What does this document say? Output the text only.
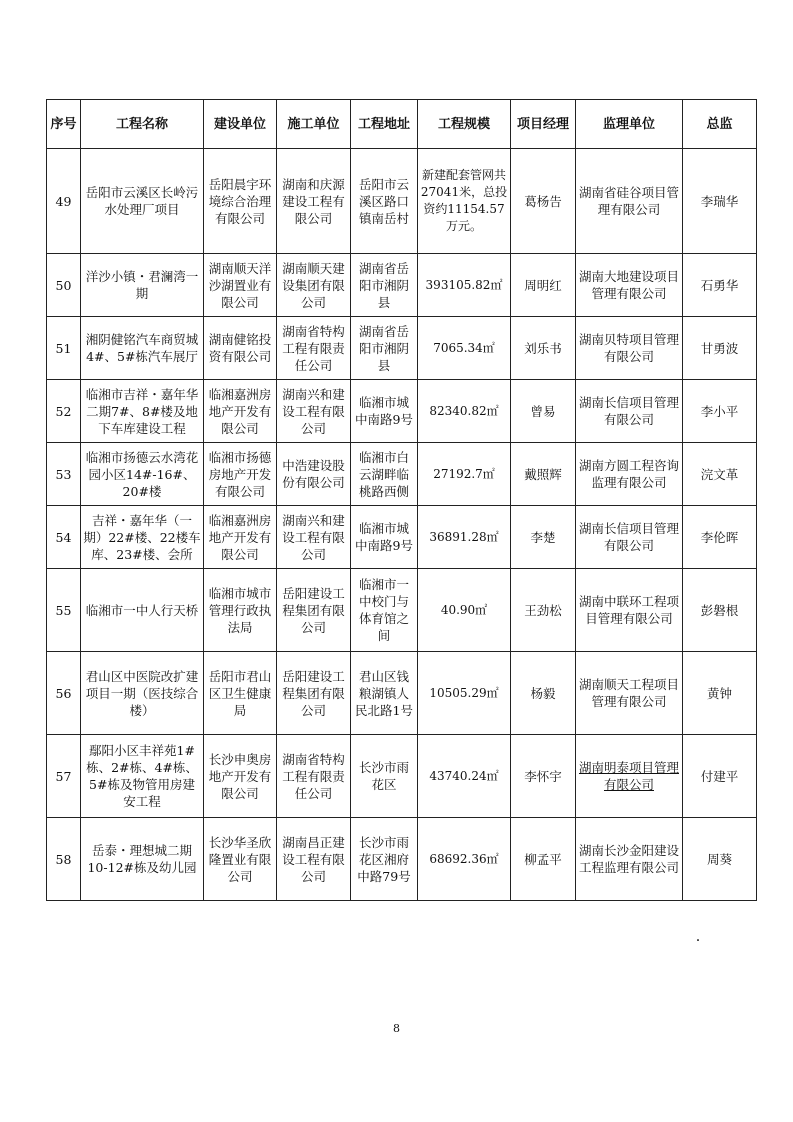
序号	工程名称	建设单位	施工单位	工程地址	工程规模	项目经理	监理单位	总监
49	岳阳市云溪区长岭污水处理厂项目	岳阳晨宇环境综合治理有限公司	湖南和庆源建设工程有限公司	岳阳市云溪区路口镇南岳村	新建配套管网共27041米，总投资约11154.57万元。	葛杨告	湖南省硅谷项目管理有限公司	李瑞华
50	洋沙小镇・君澜湾一期	湖南顺天洋沙湖置业有限公司	湖南顺天建设集团有限公司	湖南省岳阳市湘阴县	393105.82㎡	周明红	湖南大地建设项目管理有限公司	石勇华
51	湘阴健铭汽车商贸城4#、5#栋汽车展厅	湖南健铭投资有限公司	湖南省特构工程有限责任公司	湖南省岳阳市湘阴县	7065.34㎡	刘乐书	湖南贝特项目管理有限公司	甘勇波
52	临湘市吉祥・嘉年华二期7#、8#楼及地下车库建设工程	临湘嘉洲房地产开发有限公司	湖南兴和建设工程有限公司	临湘市城中南路9号	82340.82㎡	曾易	湖南长信项目管理有限公司	李小平
53	临湘市扬德云水湾花园小区14#-16#、20#楼	临湘市扬德房地产开发有限公司	中浩建设股份有限公司	临湘市白云湖畔临桃路西侧	27192.7㎡	戴照辉	湖南方圆工程咨询监理有限公司	浣文革
54	吉祥・嘉年华（一期）22#楼、22楼车库、23#楼、会所	临湘嘉洲房地产开发有限公司	湖南兴和建设工程有限公司	临湘市城中南路9号	36891.28㎡	李楚	湖南长信项目管理有限公司	李伦晖
55	临湘市一中人行天桥	临湘市城市管理行政执法局	岳阳建设工程集团有限公司	临湘市一中校门与体育馆之间	40.90㎡	王劲松	湖南中联环工程项目管理有限公司	彭磐根
56	君山区中医院改扩建项目一期（医技综合楼）	岳阳市君山区卫生健康局	岳阳建设工程集团有限公司	君山区钱粮湖镇人民北路1号	10505.29㎡	杨毅	湖南顺天工程项目管理有限公司	黄钟
57	鄢阳小区丰祥苑1#栋、2#栋、4#栋、5#栋及物管用房建安工程	长沙申奥房地产开发有限公司	湖南省特构工程有限责任公司	长沙市雨花区	43740.24㎡	李怀宇	湖南明泰项目管理有限公司	付建平
58	岳泰・理想城二期10-12#栋及幼儿园	长沙华圣欣隆置业有限公司	湖南昌正建设工程有限公司	长沙市雨花区湘府中路79号	68692.36㎡	柳孟平	湖南长沙金阳建设工程监理有限公司	周葵
・
8
